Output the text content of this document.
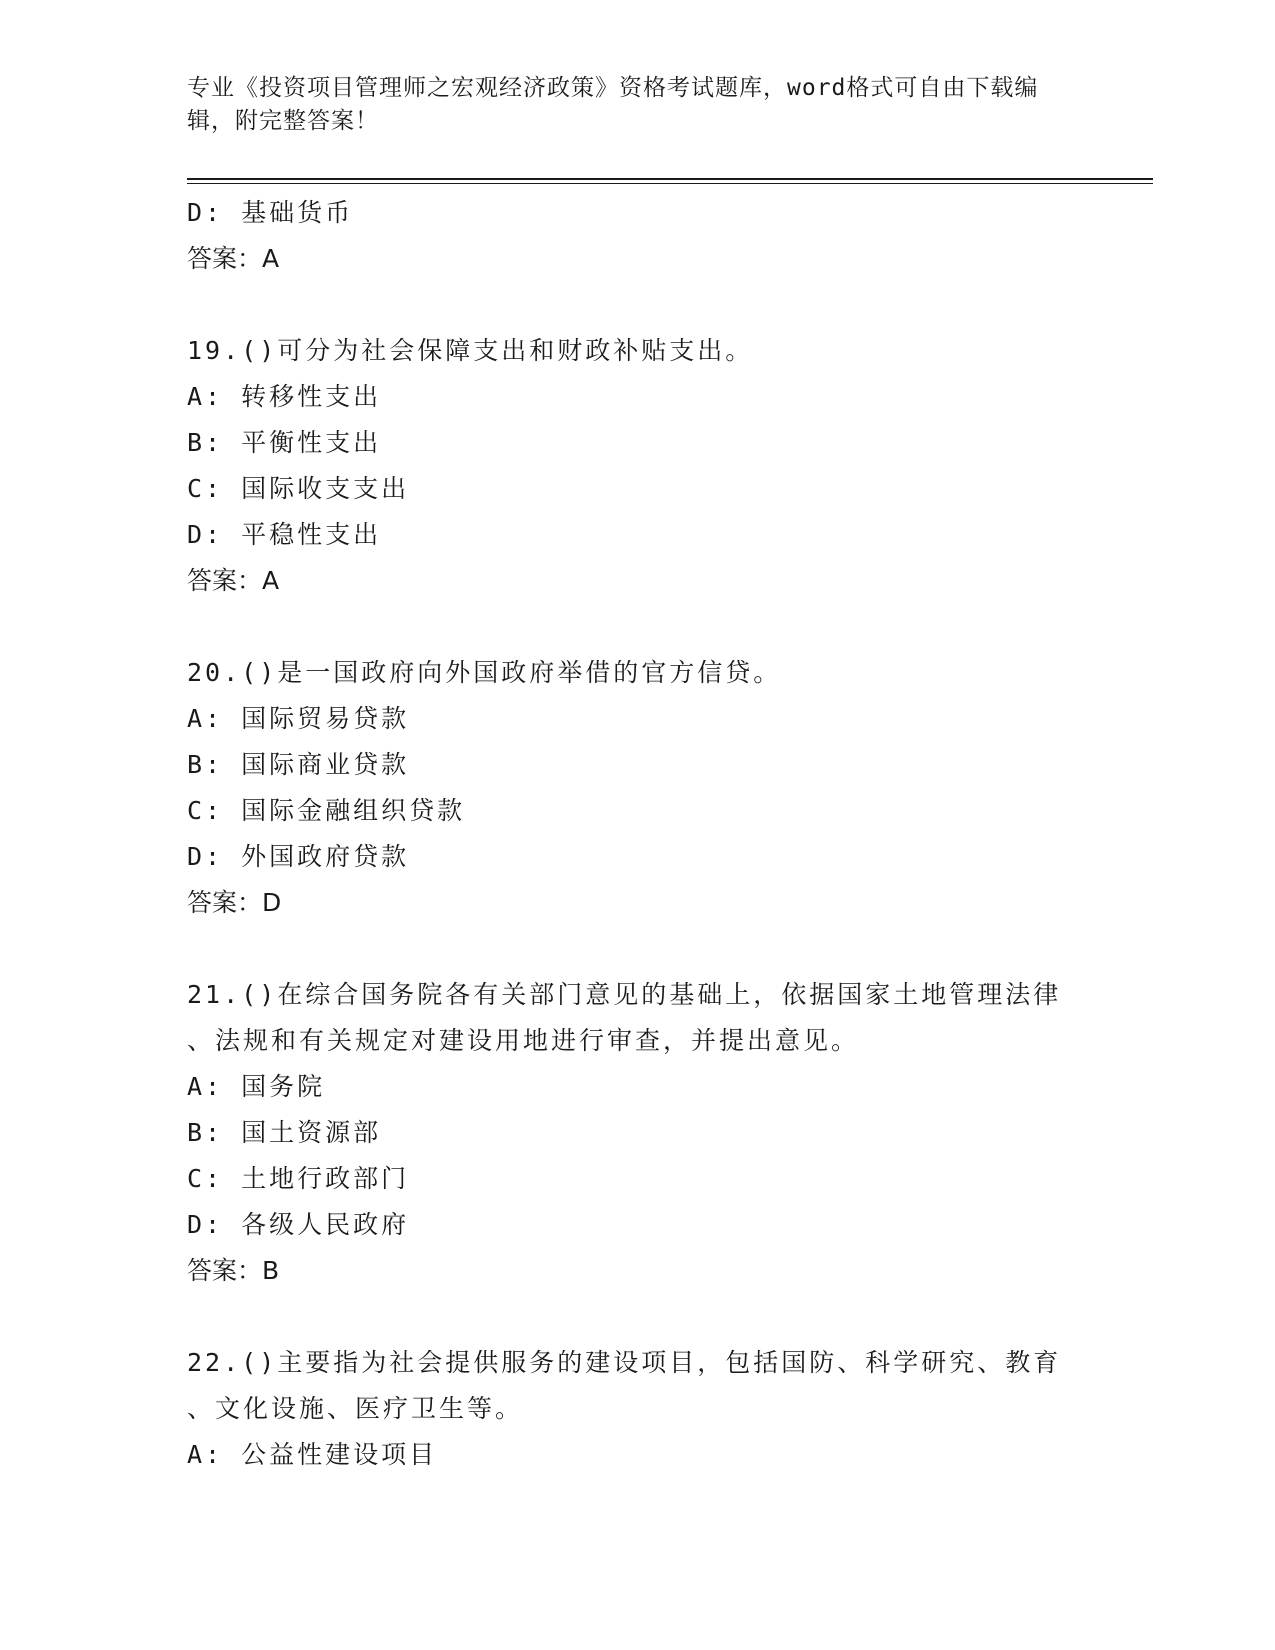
专业《投资项目管理师之宏观经济政策》资格考试题库，word格式可自由下载编
辑，附完整答案！
D: 基础货币
答案：A
19.()可分为社会保障支出和财政补贴支出。
A: 转移性支出
B: 平衡性支出
C: 国际收支支出
D: 平稳性支出
答案：A
20.()是一国政府向外国政府举借的官方信贷。
A: 国际贸易贷款
B: 国际商业贷款
C: 国际金融组织贷款
D: 外国政府贷款
答案：D
21.()在综合国务院各有关部门意见的基础上，依据国家土地管理法律
、法规和有关规定对建设用地进行审查，并提出意见。
A: 国务院
B: 国土资源部
C: 土地行政部门
D: 各级人民政府
答案：B
22.()主要指为社会提供服务的建设项目，包括国防、科学研究、教育
、文化设施、医疗卫生等。
A: 公益性建设项目
